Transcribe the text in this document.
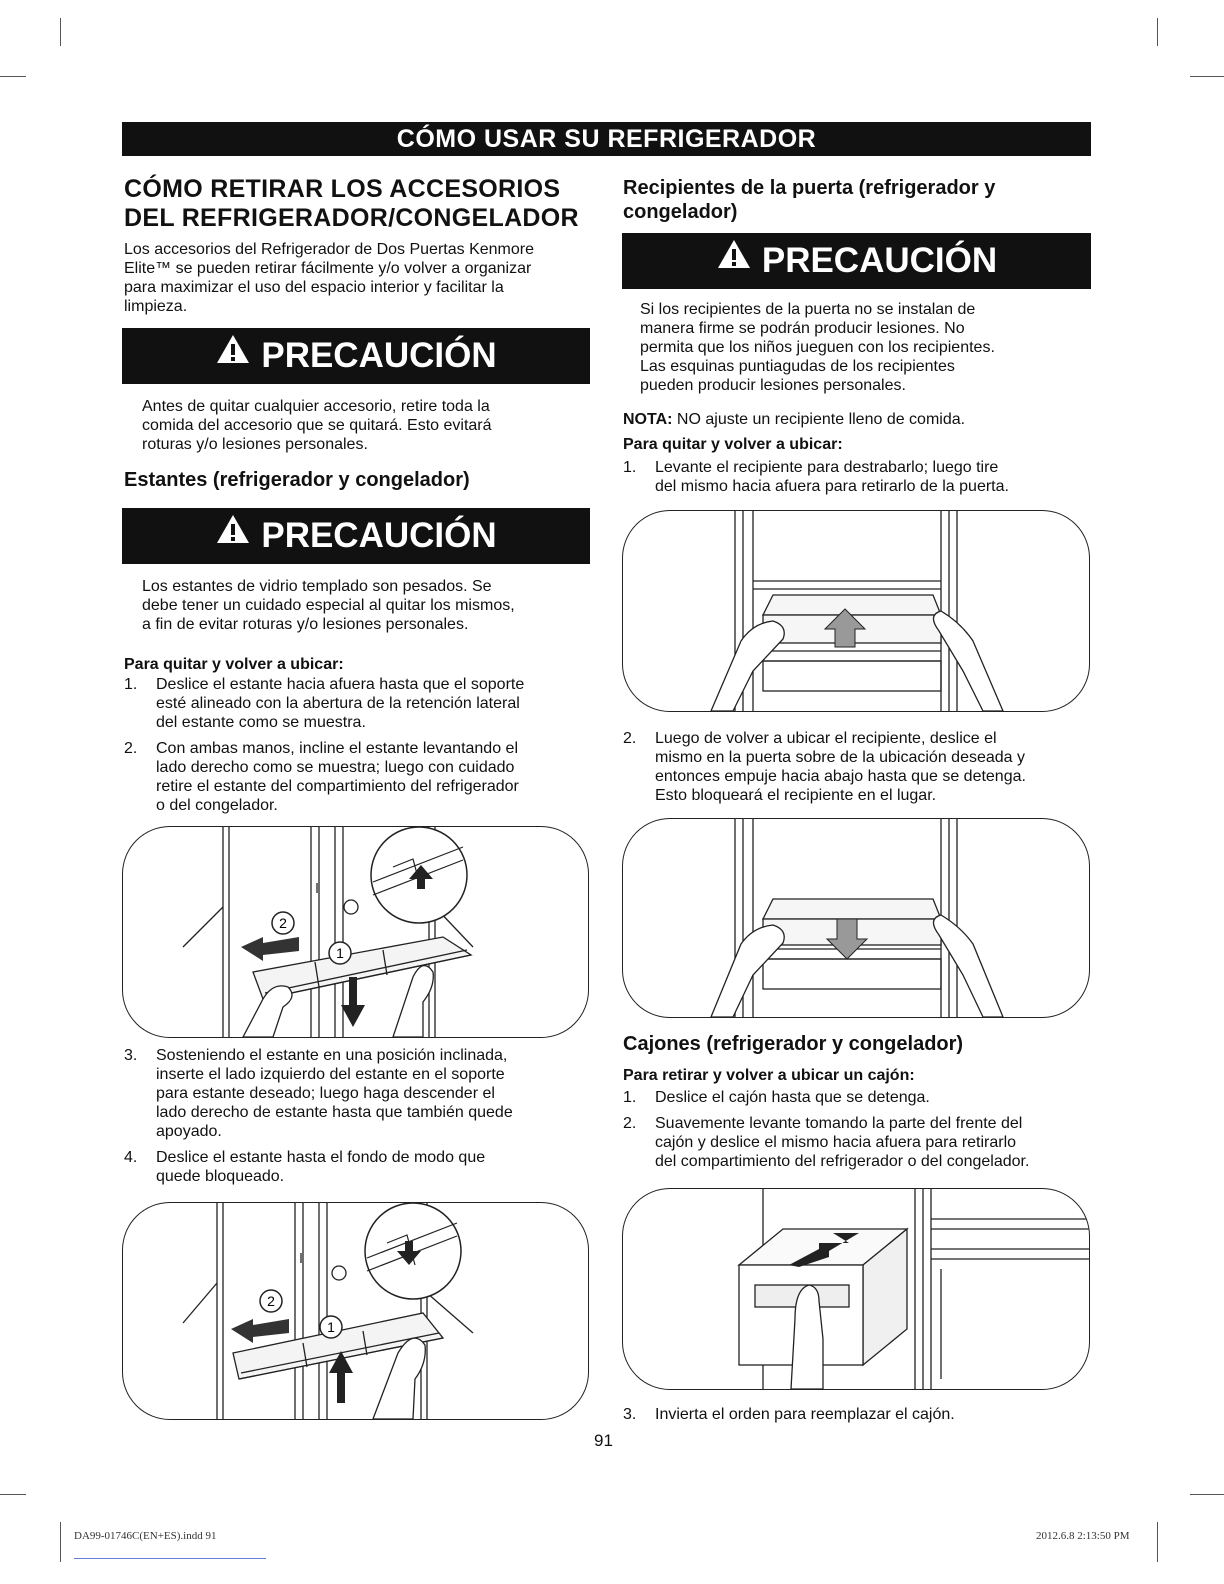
CÓMO USAR SU REFRIGERADOR
CÓMO RETIRAR LOS ACCESORIOS
DEL REFRIGERADOR/CONGELADOR
Los accesorios del Refrigerador de Dos Puertas Kenmore
Elite™ se pueden retirar fácilmente y/o volver a organizar
para maximizar el uso del espacio interior y facilitar la
limpieza.
PRECAUCIÓN
Antes de quitar cualquier accesorio, retire toda la
comida del accesorio que se quitará. Esto evitará
roturas y/o lesiones personales.
Estantes (refrigerador y congelador)
PRECAUCIÓN
Los estantes de vidrio templado son pesados. Se
debe tener un cuidado especial al quitar los mismos,
a fin de evitar roturas y/o lesiones personales.
Para quitar y volver a ubicar:
1. Deslice el estante hacia afuera hasta que el soporte
esté alineado con la abertura de la retención lateral
del estante como se muestra.
2. Con ambas manos, incline el estante levantando el
lado derecho como se muestra; luego con cuidado
retire el estante del compartimiento del refrigerador
o del congelador.
2
1
3. Sosteniendo el estante en una posición inclinada,
inserte el lado izquierdo del estante en el soporte
para estante deseado; luego haga descender el
lado derecho de estante hasta que también quede
apoyado.
4. Deslice el estante hasta el fondo de modo que
quede bloqueado.
2
1
Recipientes de la puerta (refrigerador y
congelador)
PRECAUCIÓN
Si los recipientes de la puerta no se instalan de
manera firme se podrán producir lesiones. No
permita que los niños jueguen con los recipientes.
Las esquinas puntiagudas de los recipientes
pueden producir lesiones personales.
NOTA: NO ajuste un recipiente lleno de comida.
Para quitar y volver a ubicar:
1. Levante el recipiente para destrabarlo; luego tire
del mismo hacia afuera para retirarlo de la puerta.
2. Luego de volver a ubicar el recipiente, deslice el
mismo en la puerta sobre de la ubicación deseada y
entonces empuje hacia abajo hasta que se detenga.
Esto bloqueará el recipiente en el lugar.
Cajones (refrigerador y congelador)
Para retirar y volver a ubicar un cajón:
1. Deslice el cajón hasta que se detenga.
2. Suavemente levante tomando la parte del frente del
cajón y deslice el mismo hacia afuera para retirarlo
del compartimiento del refrigerador o del congelador.
3. Invierta el orden para reemplazar el cajón.
91
DA99-01746C(EN+ES).indd 91	2012.6.8 2:13:50 PM
